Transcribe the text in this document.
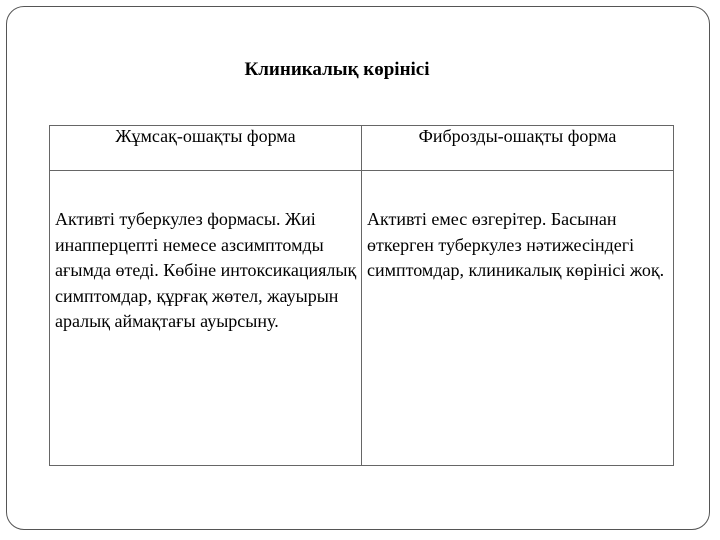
Клиникалық көрінісі
Жұмсақ-ошақты форма	Фиброзды-ошақты форма
Активті туберкулез формасы. Жиі инапперцепті немесе азсимптомды ағымда өтеді. Көбіне интоксикациялық симптомдар, құрғақ жөтел, жауырын аралық аймақтағы ауырсыну.	Активті емес өзгерітер. Басынан өткерген туберкулез нәтижесіндегі симптомдар, клиникалық көрінісі жоқ.
